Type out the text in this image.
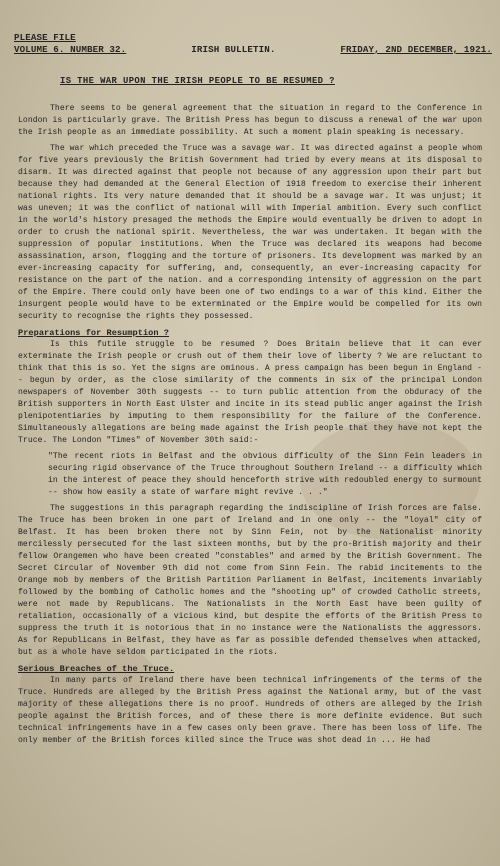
PLEASE FILE
VOLUME 6. NUMBER 32.	IRISH BULLETIN.	FRIDAY, 2ND DECEMBER, 1921.
IS THE WAR UPON THE IRISH PEOPLE TO BE RESUMED ?

There seems to be general agreement that the situation in regard to the Conference in London is particularly grave. The British Press has begun to discuss a renewal of the war upon the Irish people as an immediate possibility. At such a moment plain speaking is necessary.

The war which preceded the Truce was a savage war. It was directed against a people whom for five years previously the British Government had tried by every means at its disposal to disarm. It was directed against that people not because of any aggression upon their part but because they had demanded at the General Election of 1918 freedom to exercise their inherent national rights. Its very nature demanded that it should be a savage war. It was unjust; it was uneven; it was the conflict of national will with Imperial ambition. Every such conflict in the world's history presaged the methods the Empire would eventually be driven to adopt in order to crush the national spirit. Nevertheless, the war was undertaken. It began with the suppression of popular institutions. When the Truce was declared its weapons had become assassination, arson, flogging and the torture of prisoners. Its development was marked by an ever-increasing capacity for suffering, and, consequently, an ever-increasing capacity for resistance on the part of the nation. and a corresponding intensity of aggression on the part of the Empire. There could only have been one of two endings to a war of this kind. Either the insurgent people would have to be exterminated or the Empire would be compelled for its own security to recognise the rights they possessed.

Preparations for Resumption ?

Is this futile struggle to be resumed ? Does Britain believe that it can ever exterminate the Irish people or crush out of them their love of liberty ? We are reluctant to think that this is so. Yet the signs are ominous. A press campaign has been begun in England -- begun by order, as the close similarity of the comments in six of the principal London newspapers of November 30th suggests -- to turn public attention from the obduracy of the British supporters in North East Ulster and incite in its stead public anger against the Irish plenipotentiaries by imputing to them responsibility for the failure of the Conference. Simultaneously allegations are being made against the Irish people that they have not kept the Truce. The London "Times" of November 30th said:-

"The recent riots in Belfast and the obvious difficulty of the Sinn Fein leaders in securing rigid observance of the Truce throughout Southern Ireland -- a difficulty which in the interest of peace they should henceforth strive with redoubled energy to surmount -- show how easily a state of warfare might revive . . ."

The suggestions in this paragraph regarding the indiscipline of Irish forces are false. The Truce has been broken in one part of Ireland and in one only -- the "loyal" city of Belfast. It has been broken there not by Sinn Fein, not by the Nationalist minority mercilessly persecuted for the last sixteen months, but by the pro-British majority and their fellow Orangemen who have been created "constables" and armed by the British Government. The Secret Circular of November 9th did not come from Sinn Fein. The rabid incitements to the Orange mob by members of the British Partition Parliament in Belfast, incitements invariably followed by the bombing of Catholic homes and the "shooting up" of crowded Catholic streets, were not made by Republicans. The Nationalists in the North East have been guilty of retaliation, occasionally of a vicious kind, but despite the efforts of the British Press to suppress the truth it is notorious that in no instance were the Nationalists the aggressors. As for Republicans in Belfast, they have as far as possible defended themselves when attacked, but as a whole have seldom participated in the riots.

Serious Breaches of the Truce.

In many parts of Ireland there have been technical infringements of the terms of the Truce. Hundreds are alleged by the British Press against the National army, but of the vast majority of these allegations there is no proof. Hundreds of others are alleged by the Irish people against the British forces, and of these there is more definite evidence. But such technical infringements have in a few cases only been grave. There has been loss of life. The only member of the British forces killed since the Truce was shot dead in ... He had
